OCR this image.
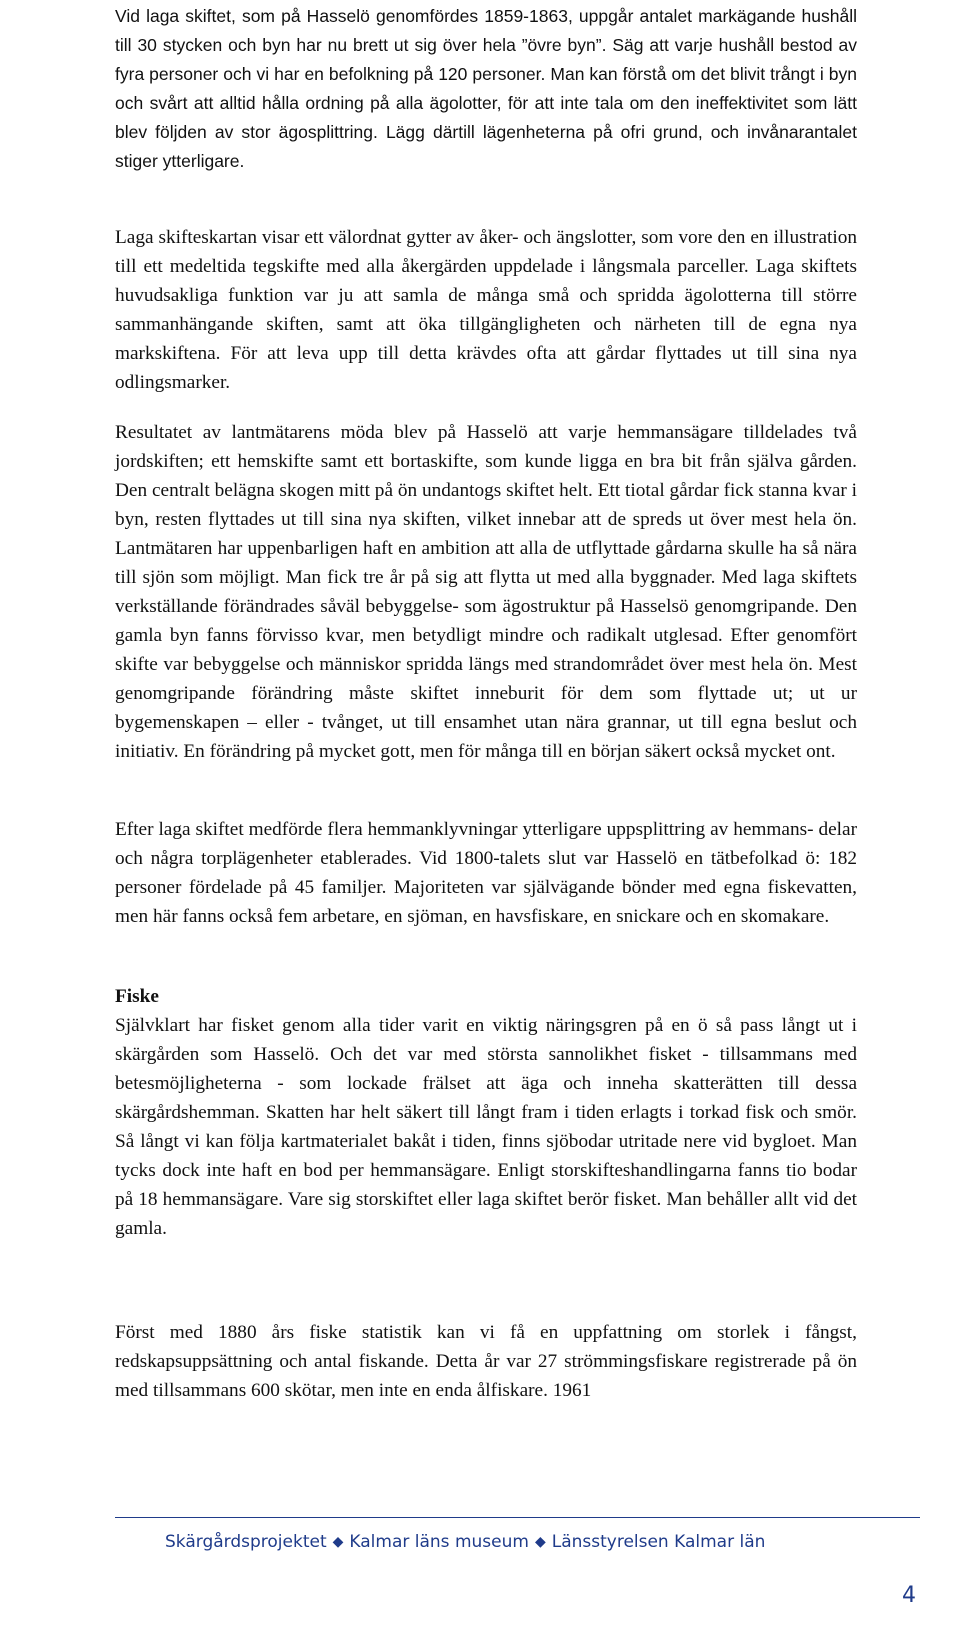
Vid laga skiftet, som på Hasselö genomfördes 1859-1863, uppgår antalet markägande hushåll till 30 stycken och byn har nu brett ut sig över hela ”övre byn”. Säg att varje hushåll bestod av fyra personer och vi har en befolkning på 120 personer. Man kan förstå om det blivit trångt i byn och svårt att alltid hålla ordning på alla ägolotter, för att inte tala om den ineffektivitet som lätt blev följden av stor ägosplittring. Lägg därtill lägenheterna på ofri grund, och invånarantalet stiger ytterligare.

Laga skifteskartan visar ett välordnat gytter av åker- och ängslotter, som vore den en illustration till ett medeltida tegskifte med alla åkergärden uppdelade i långsmala parceller. Laga skiftets huvudsakliga funktion var ju att samla de många små och spridda ägolotterna till större sammanhängande skiften, samt att öka tillgängligheten och närheten till de egna nya markskiftena. För att leva upp till detta krävdes ofta att gårdar flyttades ut till sina nya odlingsmarker.

Resultatet av lantmätarens möda blev på Hasselö att varje hemmansägare tilldelades två jordskiften; ett hemskifte samt ett bortaskifte, som kunde ligga en bra bit från själva gården. Den centralt belägna skogen mitt på ön undantogs skiftet helt. Ett tiotal gårdar fick stanna kvar i byn, resten flyttades ut till sina nya skiften, vilket innebar att de spreds ut över mest hela ön. Lantmätaren har uppenbarligen haft en ambition att alla de utflyttade gårdarna skulle ha så nära till sjön som möjligt. Man fick tre år på sig att flytta ut med alla byggnader. Med laga skiftets verkställande förändrades såväl bebyggelse- som ägostruktur på Hasselsö genomgripande. Den gamla byn fanns förvisso kvar, men betydligt mindre och radikalt utglesad. Efter genomfört skifte var bebyggelse och människor spridda längs med strandområdet över mest hela ön. Mest genomgripande förändring måste skiftet inneburit för dem som flyttade ut; ut ur bygemenskapen – eller - tvånget, ut till ensamhet utan nära grannar, ut till egna beslut och initiativ. En förändring på mycket gott, men för många till en början säkert också mycket ont.

Efter laga skiftet medförde flera hemmanklyvningar ytterligare uppsplittring av hemmans- delar och några torplägenheter etablerades. Vid 1800-talets slut var Hasselö en tätbefolkad ö: 182 personer fördelade på 45 familjer. Majoriteten var självägande bönder med egna fiskevatten, men här fanns också fem arbetare, en sjöman, en havsfiskare, en snickare och en skomakare.

Fiske

Självklart har fisket genom alla tider varit en viktig näringsgren på en ö så pass långt ut i skärgården som Hasselö. Och det var med största sannolikhet fisket - tillsammans med betesmöjligheterna - som lockade frälset att äga och inneha skatterätten till dessa skärgårdshemman. Skatten har helt säkert till långt fram i tiden erlagts i torkad fisk och smör. Så långt vi kan följa kartmaterialet bakåt i tiden, finns sjöbodar utritade nere vid bygloet. Man tycks dock inte haft en bod per hemmansägare. Enligt storskifteshandlingarna fanns tio bodar på 18 hemmansägare. Vare sig storskiftet eller laga skiftet berör fisket. Man behåller allt vid det gamla.

Först med 1880 års fiske statistik kan vi få en uppfattning om storlek i fångst, redskapsuppsättning och antal fiskande. Detta år var 27 strömmingsfiskare registrerade på ön med tillsammans 600 skötar, men inte en enda ålfiskare. 1961

Skärgårdsprojektet ◆ Kalmar läns museum ◆ Länsstyrelsen Kalmar län
4
